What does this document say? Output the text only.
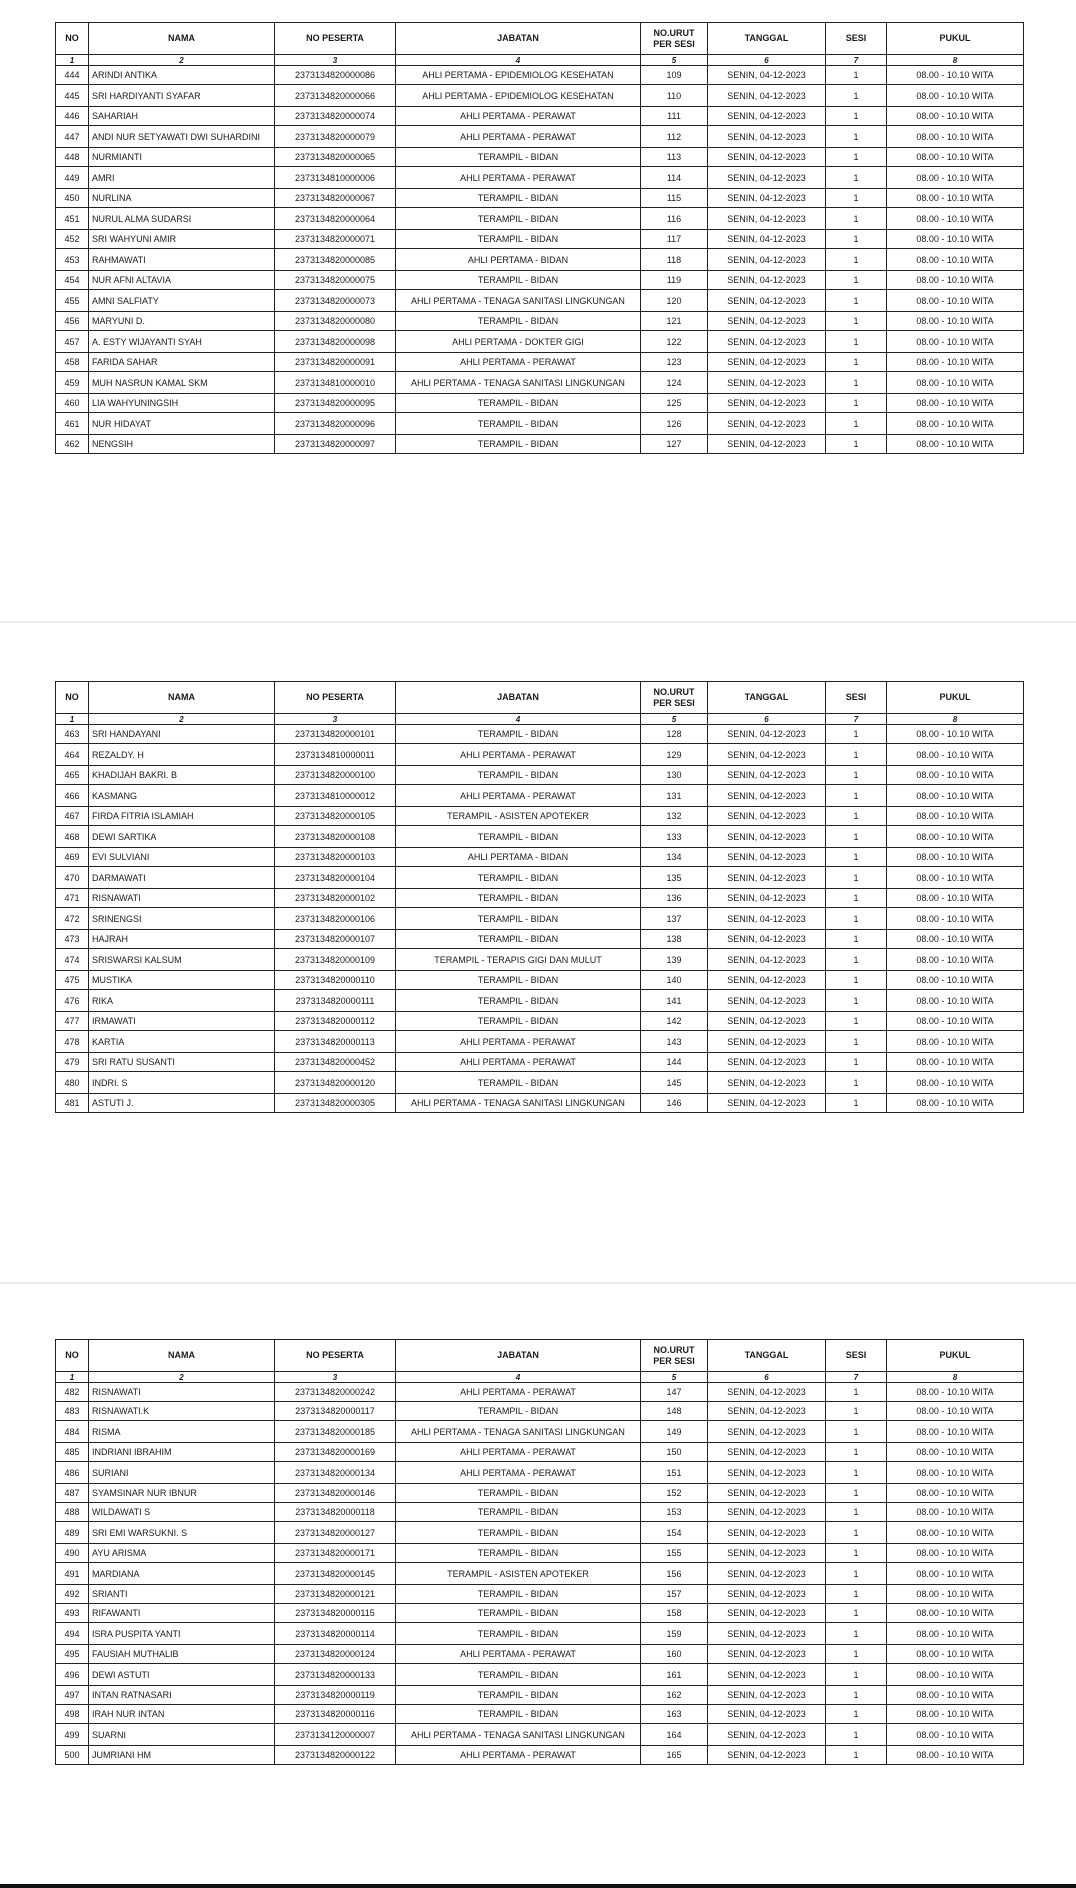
NO	NAMA	NO PESERTA	JABATAN	NO.URUT
PER SESI	TANGGAL	SESI	PUKUL
1	2	3	4	5	6	7	8
444	ARINDI ANTIKA	2373134820000086	AHLI PERTAMA - EPIDEMIOLOG KESEHATAN	109	SENIN, 04-12-2023	1	08.00 - 10.10 WITA
445	SRI HARDIYANTI SYAFAR	2373134820000066	AHLI PERTAMA - EPIDEMIOLOG KESEHATAN	110	SENIN, 04-12-2023	1	08.00 - 10.10 WITA
446	SAHARIAH	2373134820000074	AHLI PERTAMA - PERAWAT	111	SENIN, 04-12-2023	1	08.00 - 10.10 WITA
447	ANDI NUR SETYAWATI DWI SUHARDINI	2373134820000079	AHLI PERTAMA - PERAWAT	112	SENIN, 04-12-2023	1	08.00 - 10.10 WITA
448	NURMIANTI	2373134820000065	TERAMPIL - BIDAN	113	SENIN, 04-12-2023	1	08.00 - 10.10 WITA
449	AMRI	2373134810000006	AHLI PERTAMA - PERAWAT	114	SENIN, 04-12-2023	1	08.00 - 10.10 WITA
450	NURLINA	2373134820000067	TERAMPIL - BIDAN	115	SENIN, 04-12-2023	1	08.00 - 10.10 WITA
451	NURUL ALMA SUDARSI	2373134820000064	TERAMPIL - BIDAN	116	SENIN, 04-12-2023	1	08.00 - 10.10 WITA
452	SRI WAHYUNI AMIR	2373134820000071	TERAMPIL - BIDAN	117	SENIN, 04-12-2023	1	08.00 - 10.10 WITA
453	RAHMAWATI	2373134820000085	AHLI PERTAMA - BIDAN	118	SENIN, 04-12-2023	1	08.00 - 10.10 WITA
454	NUR AFNI ALTAVIA	2373134820000075	TERAMPIL - BIDAN	119	SENIN, 04-12-2023	1	08.00 - 10.10 WITA
455	AMNI SALFIATY	2373134820000073	AHLI PERTAMA - TENAGA SANITASI LINGKUNGAN	120	SENIN, 04-12-2023	1	08.00 - 10.10 WITA
456	MARYUNI D.	2373134820000080	TERAMPIL - BIDAN	121	SENIN, 04-12-2023	1	08.00 - 10.10 WITA
457	A. ESTY WIJAYANTI SYAH	2373134820000098	AHLI PERTAMA - DOKTER GIGI	122	SENIN, 04-12-2023	1	08.00 - 10.10 WITA
458	FARIDA SAHAR	2373134820000091	AHLI PERTAMA - PERAWAT	123	SENIN, 04-12-2023	1	08.00 - 10.10 WITA
459	MUH NASRUN KAMAL SKM	2373134810000010	AHLI PERTAMA - TENAGA SANITASI LINGKUNGAN	124	SENIN, 04-12-2023	1	08.00 - 10.10 WITA
460	LIA WAHYUNINGSIH	2373134820000095	TERAMPIL - BIDAN	125	SENIN, 04-12-2023	1	08.00 - 10.10 WITA
461	NUR HIDAYAT	2373134820000096	TERAMPIL - BIDAN	126	SENIN, 04-12-2023	1	08.00 - 10.10 WITA
462	NENGSIH	2373134820000097	TERAMPIL - BIDAN	127	SENIN, 04-12-2023	1	08.00 - 10.10 WITA
NO	NAMA	NO PESERTA	JABATAN	NO.URUT
PER SESI	TANGGAL	SESI	PUKUL
1	2	3	4	5	6	7	8
463	SRI HANDAYANI	2373134820000101	TERAMPIL - BIDAN	128	SENIN, 04-12-2023	1	08.00 - 10.10 WITA
464	REZALDY. H	2373134810000011	AHLI PERTAMA - PERAWAT	129	SENIN, 04-12-2023	1	08.00 - 10.10 WITA
465	KHADIJAH BAKRI. B	2373134820000100	TERAMPIL - BIDAN	130	SENIN, 04-12-2023	1	08.00 - 10.10 WITA
466	KASMANG	2373134810000012	AHLI PERTAMA - PERAWAT	131	SENIN, 04-12-2023	1	08.00 - 10.10 WITA
467	FIRDA FITRIA ISLAMIAH	2373134820000105	TERAMPIL - ASISTEN APOTEKER	132	SENIN, 04-12-2023	1	08.00 - 10.10 WITA
468	DEWI SARTIKA	2373134820000108	TERAMPIL - BIDAN	133	SENIN, 04-12-2023	1	08.00 - 10.10 WITA
469	EVI SULVIANI	2373134820000103	AHLI PERTAMA - BIDAN	134	SENIN, 04-12-2023	1	08.00 - 10.10 WITA
470	DARMAWATI	2373134820000104	TERAMPIL - BIDAN	135	SENIN, 04-12-2023	1	08.00 - 10.10 WITA
471	RISNAWATI	2373134820000102	TERAMPIL - BIDAN	136	SENIN, 04-12-2023	1	08.00 - 10.10 WITA
472	SRINENGSI	2373134820000106	TERAMPIL - BIDAN	137	SENIN, 04-12-2023	1	08.00 - 10.10 WITA
473	HAJRAH	2373134820000107	TERAMPIL - BIDAN	138	SENIN, 04-12-2023	1	08.00 - 10.10 WITA
474	SRISWARSI KALSUM	2373134820000109	TERAMPIL - TERAPIS GIGI DAN MULUT	139	SENIN, 04-12-2023	1	08.00 - 10.10 WITA
475	MUSTIKA	2373134820000110	TERAMPIL - BIDAN	140	SENIN, 04-12-2023	1	08.00 - 10.10 WITA
476	RIKA	2373134820000111	TERAMPIL - BIDAN	141	SENIN, 04-12-2023	1	08.00 - 10.10 WITA
477	IRMAWATI	2373134820000112	TERAMPIL - BIDAN	142	SENIN, 04-12-2023	1	08.00 - 10.10 WITA
478	KARTIA	2373134820000113	AHLI PERTAMA - PERAWAT	143	SENIN, 04-12-2023	1	08.00 - 10.10 WITA
479	SRI RATU SUSANTI	2373134820000452	AHLI PERTAMA - PERAWAT	144	SENIN, 04-12-2023	1	08.00 - 10.10 WITA
480	INDRI. S	2373134820000120	TERAMPIL - BIDAN	145	SENIN, 04-12-2023	1	08.00 - 10.10 WITA
481	ASTUTI J.	2373134820000305	AHLI PERTAMA - TENAGA SANITASI LINGKUNGAN	146	SENIN, 04-12-2023	1	08.00 - 10.10 WITA
NO	NAMA	NO PESERTA	JABATAN	NO.URUT
PER SESI	TANGGAL	SESI	PUKUL
1	2	3	4	5	6	7	8
482	RISNAWATI	2373134820000242	AHLI PERTAMA - PERAWAT	147	SENIN, 04-12-2023	1	08.00 - 10.10 WITA
483	RISNAWATI.K	2373134820000117	TERAMPIL - BIDAN	148	SENIN, 04-12-2023	1	08.00 - 10.10 WITA
484	RISMA	2373134820000185	AHLI PERTAMA - TENAGA SANITASI LINGKUNGAN	149	SENIN, 04-12-2023	1	08.00 - 10.10 WITA
485	INDRIANI IBRAHIM	2373134820000169	AHLI PERTAMA - PERAWAT	150	SENIN, 04-12-2023	1	08.00 - 10.10 WITA
486	SURIANI	2373134820000134	AHLI PERTAMA - PERAWAT	151	SENIN, 04-12-2023	1	08.00 - 10.10 WITA
487	SYAMSINAR NUR IBNUR	2373134820000146	TERAMPIL - BIDAN	152	SENIN, 04-12-2023	1	08.00 - 10.10 WITA
488	WILDAWATI S	2373134820000118	TERAMPIL - BIDAN	153	SENIN, 04-12-2023	1	08.00 - 10.10 WITA
489	SRI EMI WARSUKNI. S	2373134820000127	TERAMPIL - BIDAN	154	SENIN, 04-12-2023	1	08.00 - 10.10 WITA
490	AYU ARISMA	2373134820000171	TERAMPIL - BIDAN	155	SENIN, 04-12-2023	1	08.00 - 10.10 WITA
491	MARDIANA	2373134820000145	TERAMPIL - ASISTEN APOTEKER	156	SENIN, 04-12-2023	1	08.00 - 10.10 WITA
492	SRIANTI	2373134820000121	TERAMPIL - BIDAN	157	SENIN, 04-12-2023	1	08.00 - 10.10 WITA
493	RIFAWANTI	2373134820000115	TERAMPIL - BIDAN	158	SENIN, 04-12-2023	1	08.00 - 10.10 WITA
494	ISRA PUSPITA YANTI	2373134820000114	TERAMPIL - BIDAN	159	SENIN, 04-12-2023	1	08.00 - 10.10 WITA
495	FAUSIAH MUTHALIB	2373134820000124	AHLI PERTAMA - PERAWAT	160	SENIN, 04-12-2023	1	08.00 - 10.10 WITA
496	DEWI ASTUTI	2373134820000133	TERAMPIL - BIDAN	161	SENIN, 04-12-2023	1	08.00 - 10.10 WITA
497	INTAN RATNASARI	2373134820000119	TERAMPIL - BIDAN	162	SENIN, 04-12-2023	1	08.00 - 10.10 WITA
498	IRAH NUR INTAN	2373134820000116	TERAMPIL - BIDAN	163	SENIN, 04-12-2023	1	08.00 - 10.10 WITA
499	SUARNI	2373134120000007	AHLI PERTAMA - TENAGA SANITASI LINGKUNGAN	164	SENIN, 04-12-2023	1	08.00 - 10.10 WITA
500	JUMRIANI HM	2373134820000122	AHLI PERTAMA - PERAWAT	165	SENIN, 04-12-2023	1	08.00 - 10.10 WITA
